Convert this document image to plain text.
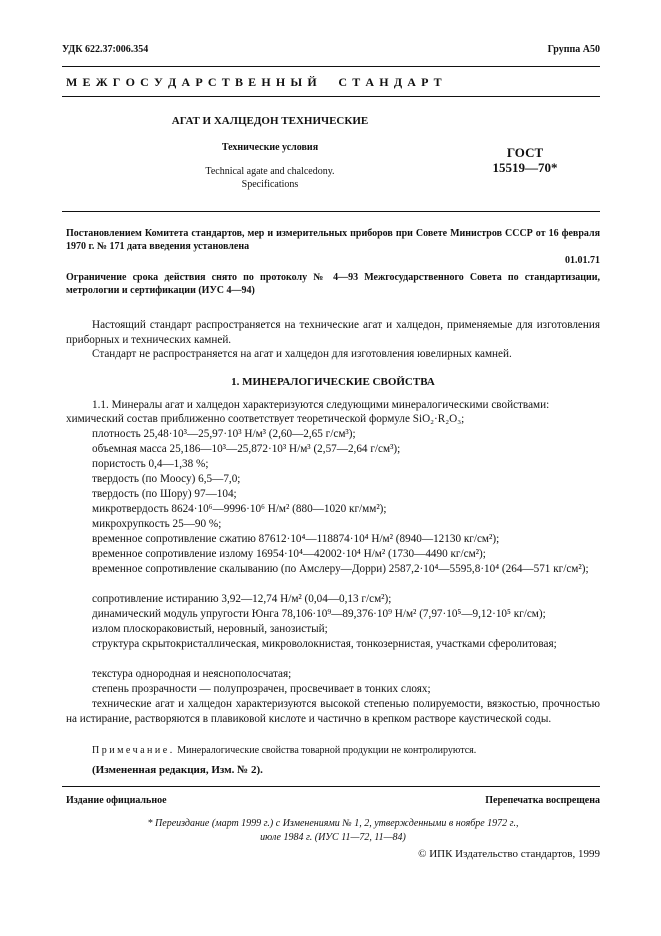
УДК 622.37:006.354	Группа А50
М Е Ж Г О С У Д А Р С Т В Е Н Н Ы Й     С Т А Н Д А Р Т
АГАТ И ХАЛЦЕДОН ТЕХНИЧЕСКИЕ
Технические условия
Technical agate and chalcedony.
Specifications
ГОСТ
15519—70*
Постановлением Комитета стандартов, мер и измерительных приборов при Совете Министров СССР от 16 февраля 1970 г. № 171 дата введения установлена
01.01.71
Ограничение срока действия снято по протоколу № 4—93 Межгосударственного Совета по стандартизации, метрологии и сертификации (ИУС 4—94)
Настоящий стандарт распространяется на технические агат и халцедон, применяемые для изготовления приборных и технических камней.
Стандарт не распространяется на агат и халцедон для изготовления ювелирных камней.
1. МИНЕРАЛОГИЧЕСКИЕ СВОЙСТВА
1.1. Минералы агат и халцедон характеризуются следующими минералогическими свойствами:
химический состав приближенно соответствует теоретической формуле SiO₂·R₂O₃;
плотность 25,48·10³—25,97·10³ Н/м³ (2,60—2,65 г/см³);
объемная масса 25,186—10³—25,872·10³ Н/м³ (2,57—2,64 г/см³);
пористость 0,4—1,38 %;
твердость (по Moocy) 6,5—7,0;
твердость (по Шору) 97—104;
микротвердость 8624·10⁶—9996·10⁶ Н/м² (880—1020 кг/мм²);
микрохрупкость 25—90 %;
временное сопротивление сжатию 87612·10⁴—118874·10⁴ Н/м² (8940—12130 кг/см²);
временное сопротивление излому 16954·10⁴—42002·10⁴ Н/м² (1730—4490 кг/см²);
временное сопротивление скалыванию (по Амслеру—Дорри) 2587,2·10⁴—5595,8·10⁴ (264—571 кг/см²);
сопротивление истиранию 3,92—12,74 Н/м² (0,04—0,13 г/см²);
динамический модуль упругости Юнга 78,106·10⁹—89,376·10⁹ Н/м² (7,97·10⁵—9,12·10⁵ кг/см);
излом плоскораковистый, неровный, занозистый;
структура скрытокристаллическая, микроволокнистая, тонкозернистая, участками сферолитовая;
текстура однородная и неяснополосчатая;
степень прозрачности — полупрозрачен, просвечивает в тонких слоях;
технические агат и халцедон характеризуются высокой степенью полируемости, вязкостью, прочностью на истирание, растворяются в плавиковой кислоте и частично в крепком растворе каустической соды.
Примечание. Минералогические свойства товарной продукции не контролируются.
(Измененная редакция, Изм. № 2).
Издание официальное	Перепечатка воспрещена
* Переиздание (март 1999 г.) с Изменениями № 1, 2, утвержденными в ноябре 1972 г.,
июле 1984 г. (ИУС 11—72, 11—84)
© ИПК Издательство стандартов, 1999
